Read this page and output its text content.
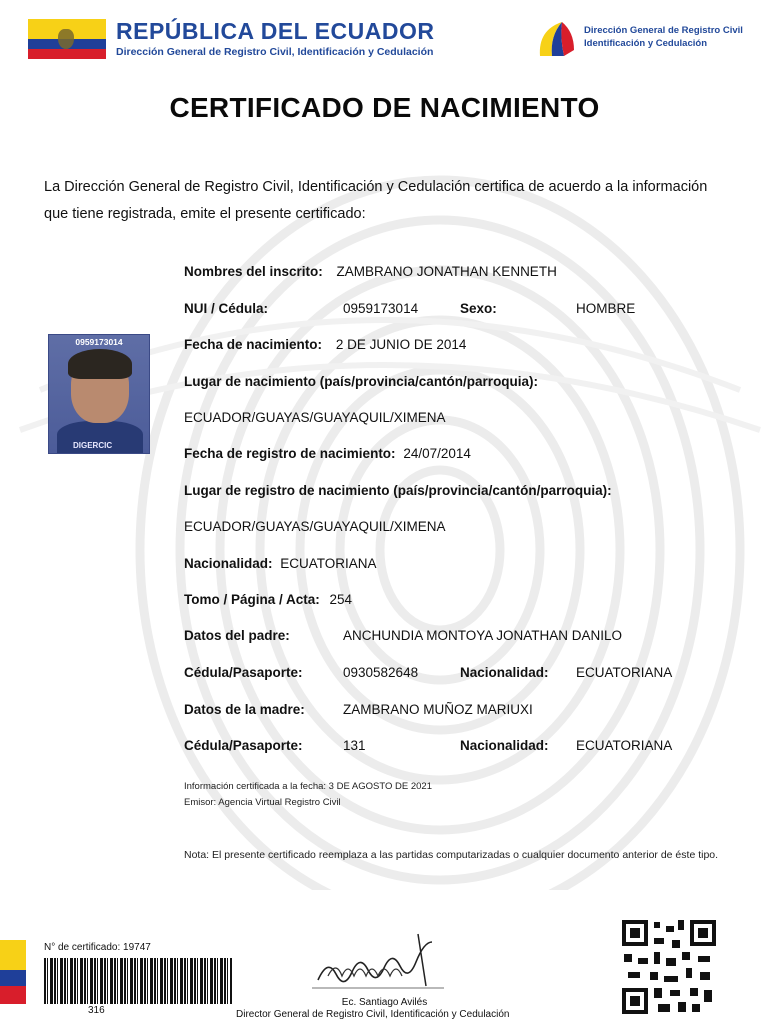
REPÚBLICA DEL ECUADOR
Dirección General de Registro Civil, Identificación y Cedulación
Dirección General de Registro Civil
Identificación y Cedulación
CERTIFICADO DE NACIMIENTO
La Dirección General de Registro Civil, Identificación y Cedulación certifica de acuerdo a la información que tiene registrada, emite el presente certificado:
0959173014
DIGERCIC
Nombres del inscrito: ZAMBRANO JONATHAN KENNETH
NUI / Cédula:	0959173014	Sexo:	HOMBRE
Fecha de nacimiento: 2 DE JUNIO DE 2014
Lugar de nacimiento (país/provincia/cantón/parroquia):
ECUADOR/GUAYAS/GUAYAQUIL/XIMENA
Fecha de registro de nacimiento: 24/07/2014
Lugar de registro de nacimiento (país/provincia/cantón/parroquia):
ECUADOR/GUAYAS/GUAYAQUIL/XIMENA
Nacionalidad: ECUATORIANA
Tomo / Página / Acta: 254
Datos del padre:	ANCHUNDIA MONTOYA JONATHAN DANILO
Cédula/Pasaporte:	0930582648	Nacionalidad: ECUATORIANA
Datos de la madre:	ZAMBRANO MUÑOZ MARIUXI
Cédula/Pasaporte:	131	Nacionalidad: ECUATORIANA
Información certificada a la fecha: 3 DE AGOSTO DE 2021
Emisor: Agencia Virtual Registro Civil
Nota: El presente certificado reemplaza a las partidas computarizadas o cualquier documento anterior de éste tipo.
N° de certificado: 19747
316
Ec. Santiago Avilés
Director General de Registro Civil, Identificación y Cedulación
